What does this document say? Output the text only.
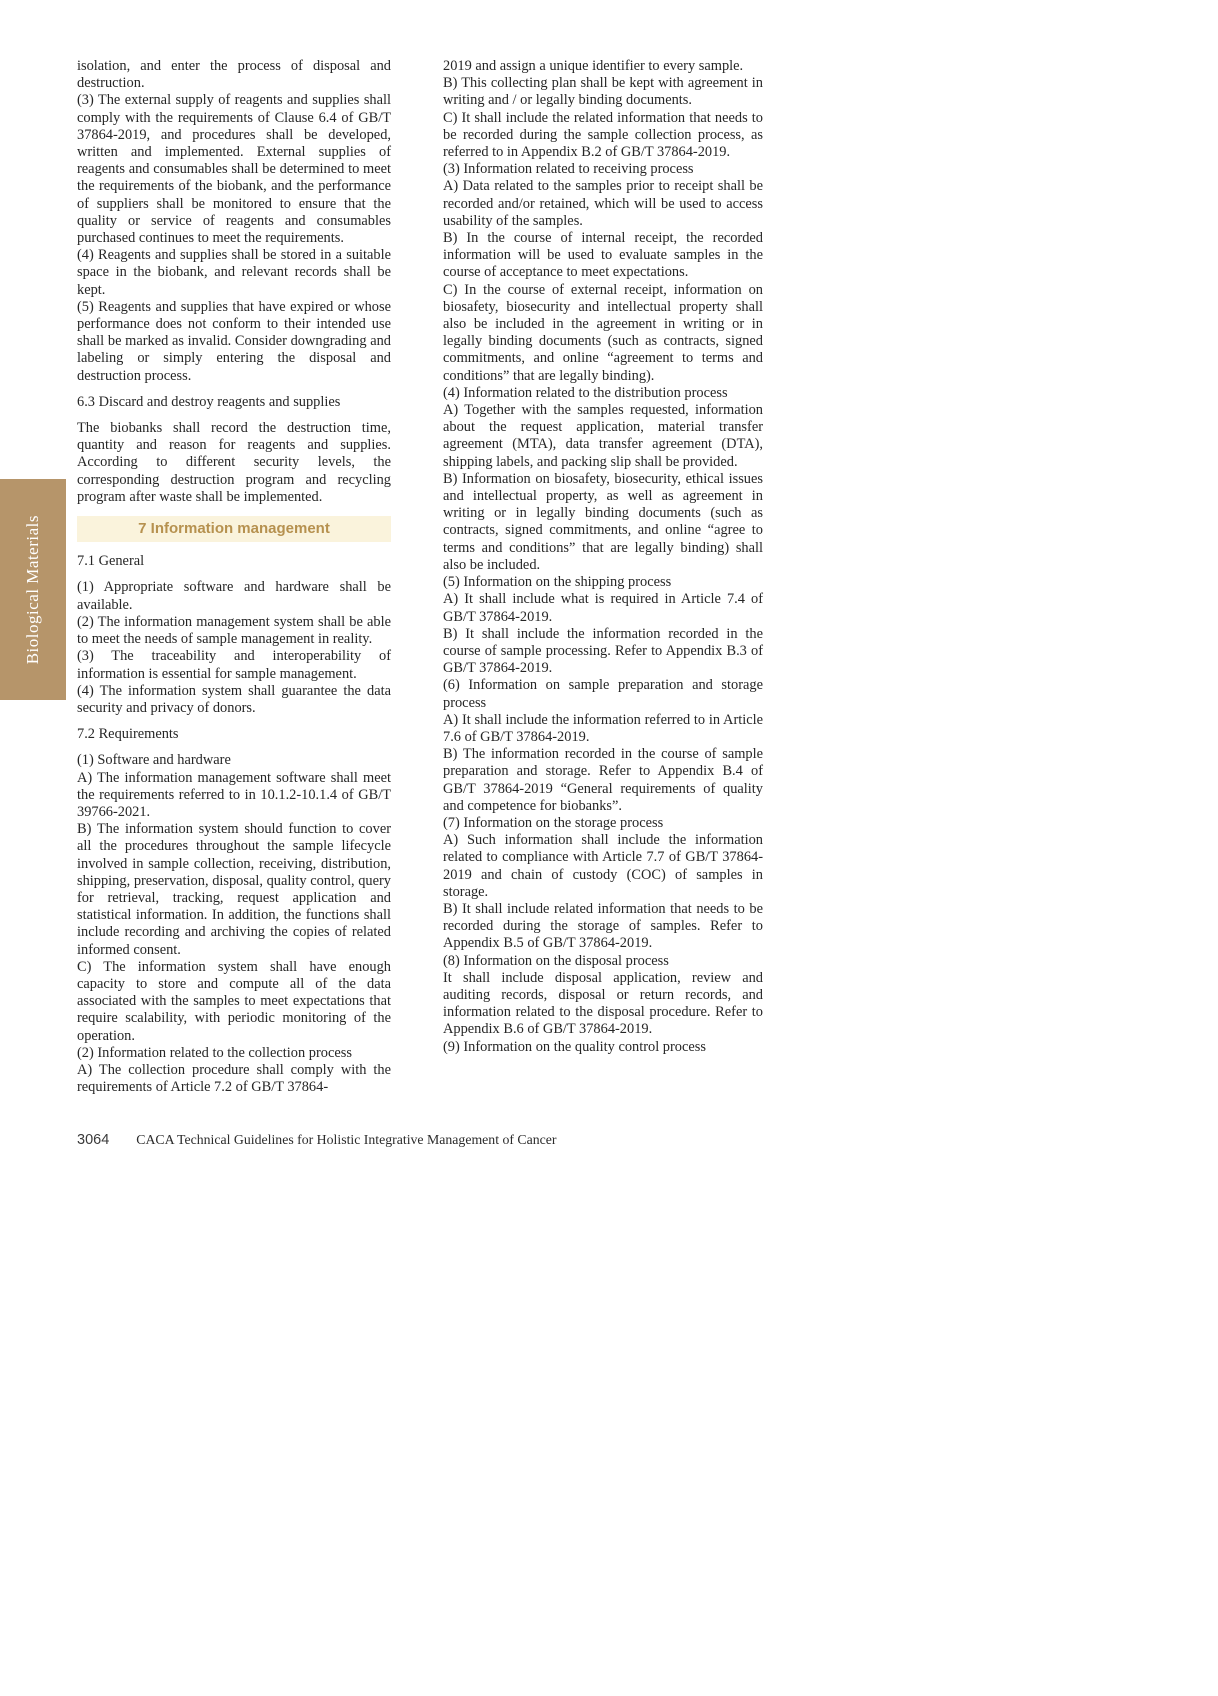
Biological Materials
isolation, and enter the process of disposal and destruction.
(3) The external supply of reagents and supplies shall comply with the requirements of Clause 6.4 of GB/T 37864-2019, and procedures shall be developed, written and implemented. External supplies of reagents and consumables shall be determined to meet the requirements of the biobank, and the performance of suppliers shall be monitored to ensure that the quality or service of reagents and consumables purchased continues to meet the requirements.
(4) Reagents and supplies shall be stored in a suitable space in the biobank, and relevant records shall be kept.
(5) Reagents and supplies that have expired or whose performance does not conform to their intended use shall be marked as invalid. Consider downgrading and labeling or simply entering the disposal and destruction process.
6.3 Discard and destroy reagents and supplies
The biobanks shall record the destruction time, quantity and reason for reagents and supplies. According to different security levels, the corresponding destruction program and recycling program after waste shall be implemented.
7 Information management
7.1 General
(1) Appropriate software and hardware shall be available.
(2) The information management system shall be able to meet the needs of sample management in reality.
(3) The traceability and interoperability of information is essential for sample management.
(4) The information system shall guarantee the data security and privacy of donors.
7.2 Requirements
(1) Software and hardware
A) The information management software shall meet the requirements referred to in 10.1.2-10.1.4 of GB/T 39766-2021.
B) The information system should function to cover all the procedures throughout the sample lifecycle involved in sample collection, receiving, distribution, shipping, preservation, disposal, quality control, query for retrieval, tracking, request application and statistical information. In addition, the functions shall include recording and archiving the copies of related informed consent.
C) The information system shall have enough capacity to store and compute all of the data associated with the samples to meet expectations that require scalability, with periodic monitoring of the operation.
(2) Information related to the collection process
A) The collection procedure shall comply with the requirements of Article 7.2 of GB/T 37864-
2019 and assign a unique identifier to every sample.
B) This collecting plan shall be kept with agreement in writing and / or legally binding documents.
C) It shall include the related information that needs to be recorded during the sample collection process, as referred to in Appendix B.2 of GB/T 37864-2019.
(3) Information related to receiving process
A) Data related to the samples prior to receipt shall be recorded and/or retained, which will be used to access usability of the samples.
B) In the course of internal receipt, the recorded information will be used to evaluate samples in the course of acceptance to meet expectations.
C) In the course of external receipt, information on biosafety, biosecurity and intellectual property shall also be included in the agreement in writing or in legally binding documents (such as contracts, signed commitments, and online “agreement to terms and conditions” that are legally binding).
(4) Information related to the distribution process
A) Together with the samples requested, information about the request application, material transfer agreement (MTA), data transfer agreement (DTA), shipping labels, and packing slip shall be provided.
B) Information on biosafety, biosecurity, ethical issues and intellectual property, as well as agreement in writing or in legally binding documents (such as contracts, signed commitments, and online “agree to terms and conditions” that are legally binding) shall also be included.
(5) Information on the shipping process
A) It shall include what is required in Article 7.4 of GB/T 37864-2019.
B) It shall include the information recorded in the course of sample processing. Refer to Appendix B.3 of GB/T 37864-2019.
(6) Information on sample preparation and storage process
A) It shall include the information referred to in Article 7.6 of GB/T 37864-2019.
B) The information recorded in the course of sample preparation and storage. Refer to Appendix B.4 of GB/T 37864-2019 “General requirements of quality and competence for biobanks”.
(7) Information on the storage process
A) Such information shall include the information related to compliance with Article 7.7 of GB/T 37864-2019 and chain of custody (COC) of samples in storage.
B) It shall include related information that needs to be recorded during the storage of samples. Refer to Appendix B.5 of GB/T 37864-2019.
(8) Information on the disposal process
It shall include disposal application, review and auditing records, disposal or return records, and information related to the disposal procedure. Refer to Appendix B.6 of GB/T 37864-2019.
(9) Information on the quality control process
3064 CACA Technical Guidelines for Holistic Integrative Management of Cancer
